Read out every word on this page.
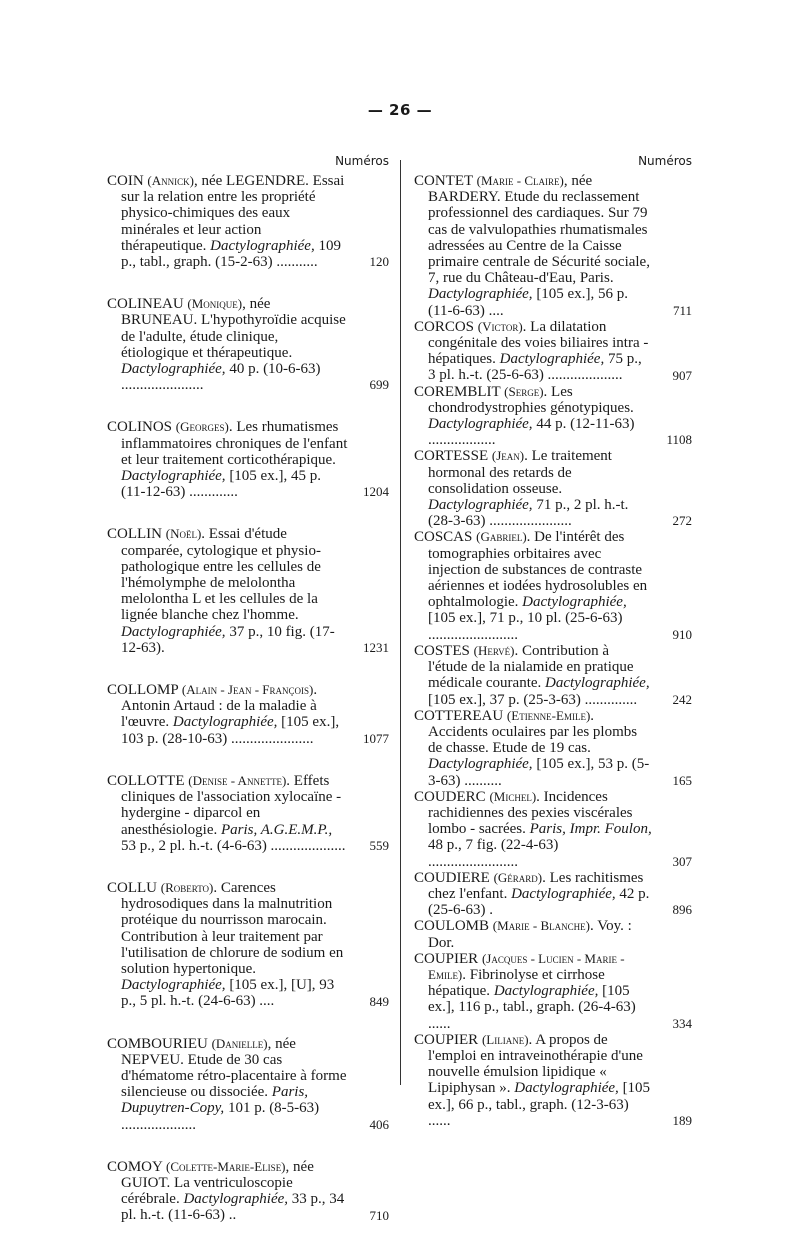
— 26 —
Numéros
COIN (Annick), née LEGENDRE. Essai sur la relation entre les propriété physico-chimiques des eaux minérales et leur action thérapeutique. Dactylographiée, 109 p., tabl., graph. (15-2-63) ...........	120
COLINEAU (Monique), née BRUNEAU. L'hypothyroïdie acquise de l'adulte, étude clinique, étiologique et thérapeutique. Dactylographiée, 40 p. (10-6-63) ......................	699
COLINOS (Georges). Les rhumatismes inflammatoires chroniques de l'enfant et leur traitement corticothérapique. Dactylographiée, [105 ex.], 45 p. (11-12-63) .............	1204
COLLIN (Noël). Essai d'étude comparée, cytologique et physio-pathologique entre les cellules de l'hémolymphe de melolontha melolontha L et les cellules de la lignée blanche chez l'homme. Dactylographiée, 37 p., 10 fig. (17-12-63).	1231
COLLOMP (Alain - Jean - François). Antonin Artaud : de la maladie à l'œuvre. Dactylographiée, [105 ex.], 103 p. (28-10-63) ......................	1077
COLLOTTE (Denise - Annette). Effets cliniques de l'association xylocaïne - hydergine - diparcol en anesthésiologie. Paris, A.G.E.M.P., 53 p., 2 pl. h.-t. (4-6-63) ....................	559
COLLU (Roberto). Carences hydrosodiques dans la malnutrition protéique du nourrisson marocain. Contribution à leur traitement par l'utilisation de chlorure de sodium en solution hypertonique. Dactylographiée, [105 ex.], [U], 93 p., 5 pl. h.-t. (24-6-63) ....	849
COMBOURIEU (Danielle), née NEPVEU. Etude de 30 cas d'hématome rétro-placentaire à forme silencieuse ou dissociée. Paris, Dupuytren-Copy, 101 p. (8-5-63) ....................	406
COMOY (Colette-Marie-Elise), née GUIOT. La ventriculoscopie cérébrale. Dactylographiée, 33 p., 34 pl. h.-t. (11-6-63) ..	710
Numéros
CONTET (Marie - Claire), née BARDERY. Etude du reclassement professionnel des cardiaques. Sur 79 cas de valvulopathies rhumatismales adressées au Centre de la Caisse primaire centrale de Sécurité sociale, 7, rue du Château-d'Eau, Paris. Dactylographiée, [105 ex.], 56 p. (11-6-63) ....	711
CORCOS (Victor). La dilatation congénitale des voies biliaires intra - hépatiques. Dactylographiée, 75 p., 3 pl. h.-t. (25-6-63) ....................	907
COREMBLIT (Serge). Les chondrodystrophies génotypiques. Dactylographiée, 44 p. (12-11-63) ..................	1108
CORTESSE (Jean). Le traitement hormonal des retards de consolidation osseuse. Dactylographiée, 71 p., 2 pl. h.-t. (28-3-63) ......................	272
COSCAS (Gabriel). De l'intérêt des tomographies orbitaires avec injection de substances de contraste aériennes et iodées hydrosolubles en ophtalmologie. Dactylographiée, [105 ex.], 71 p., 10 pl. (25-6-63) ........................	910
COSTES (Hervé). Contribution à l'étude de la nialamide en pratique médicale courante. Dactylographiée, [105 ex.], 37 p. (25-3-63) ..............	242
COTTEREAU (Etienne-Emile). Accidents oculaires par les plombs de chasse. Etude de 19 cas. Dactylographiée, [105 ex.], 53 p. (5-3-63) ..........	165
COUDERC (Michel). Incidences rachidiennes des pexies viscérales lombo - sacrées. Paris, Impr. Foulon, 48 p., 7 fig. (22-4-63) ........................	307
COUDIERE (Gérard). Les rachitismes chez l'enfant. Dactylographiée, 42 p. (25-6-63) .	896
COULOMB (Marie - Blanche). Voy. : Dor.
COUPIER (Jacques - Lucien - Marie - Emile). Fibrinolyse et cirrhose hépatique. Dactylographiée, [105 ex.], 116 p., tabl., graph. (26-4-63) ......	334
COUPIER (Liliane). A propos de l'emploi en intraveinothérapie d'une nouvelle émulsion lipidique « Lipiphysan ». Dactylographiée, [105 ex.], 66 p., tabl., graph. (12-3-63) ......	189
